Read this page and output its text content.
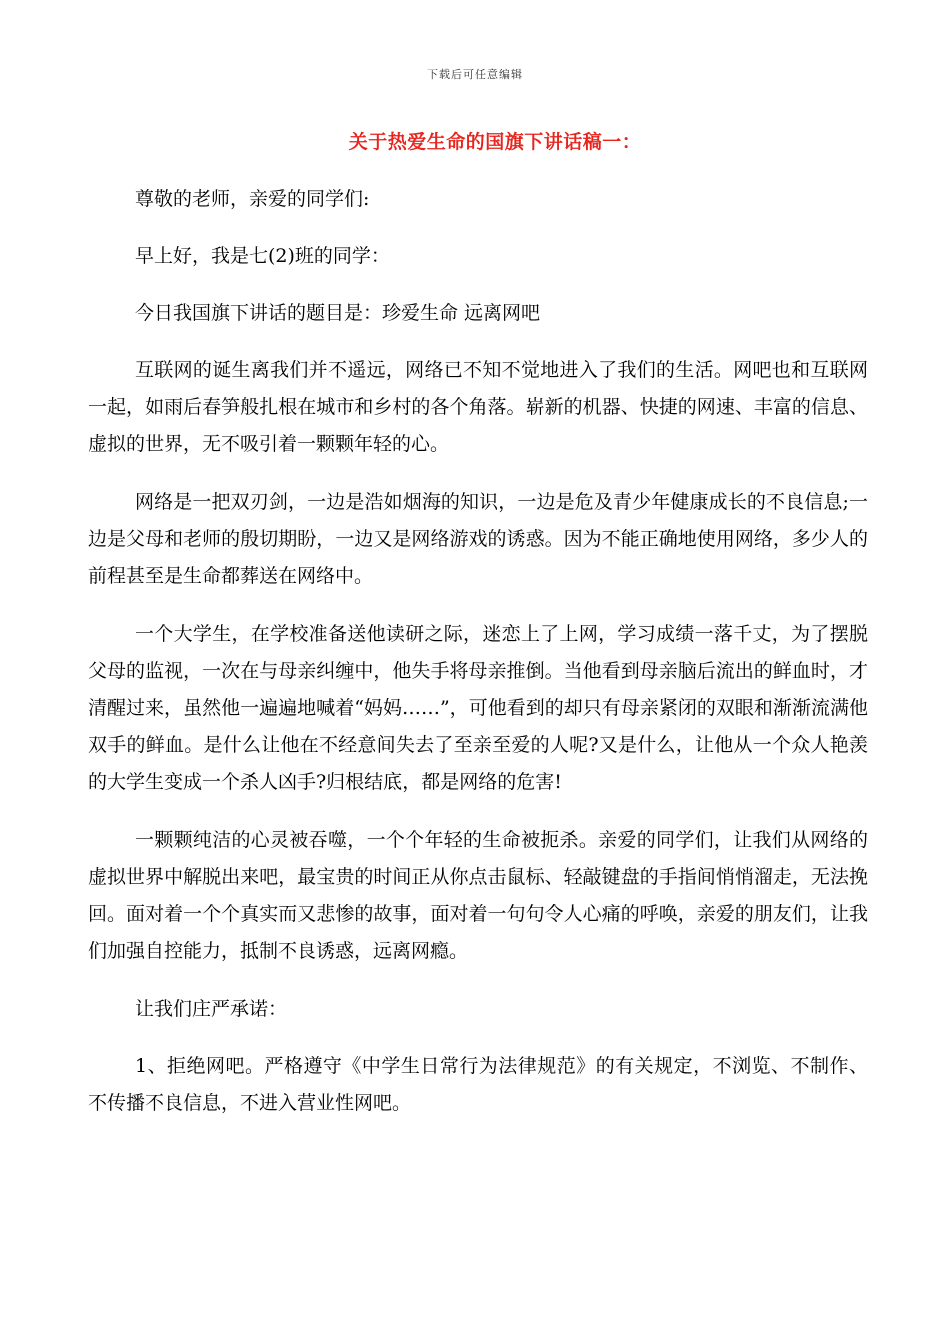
下载后可任意编辑
关于热爱生命的国旗下讲话稿一：

尊敬的老师，亲爱的同学们:

早上好，我是七(2)班的同学：

今日我国旗下讲话的题目是：珍爱生命 远离网吧

互联网的诞生离我们并不遥远，网络已不知不觉地进入了我们的生活。网吧也和互联网一起，如雨后春笋般扎根在城市和乡村的各个角落。崭新的机器、快捷的网速、丰富的信息、虚拟的世界，无不吸引着一颗颗年轻的心。

网络是一把双刃剑，一边是浩如烟海的知识，一边是危及青少年健康成长的不良信息;一边是父母和老师的殷切期盼，一边又是网络游戏的诱惑。因为不能正确地使用网络，多少人的前程甚至是生命都葬送在网络中。

一个大学生，在学校准备送他读研之际，迷恋上了上网，学习成绩一落千丈，为了摆脱父母的监视，一次在与母亲纠缠中，他失手将母亲推倒。当他看到母亲脑后流出的鲜血时，才清醒过来，虽然他一遍遍地喊着“妈妈……”，可他看到的却只有母亲紧闭的双眼和渐渐流满他双手的鲜血。是什么让他在不经意间失去了至亲至爱的人呢?又是什么，让他从一个众人艳羡的大学生变成一个杀人凶手?归根结底，都是网络的危害!

一颗颗纯洁的心灵被吞噬，一个个年轻的生命被扼杀。亲爱的同学们，让我们从网络的虚拟世界中解脱出来吧，最宝贵的时间正从你点击鼠标、轻敲键盘的手指间悄悄溜走，无法挽回。面对着一个个真实而又悲惨的故事，面对着一句句令人心痛的呼唤，亲爱的朋友们，让我们加强自控能力，抵制不良诱惑，远离网瘾。

让我们庄严承诺：

1、拒绝网吧。严格遵守《中学生日常行为法律规范》的有关规定，不浏览、不制作、不传播不良信息，不进入营业性网吧。
